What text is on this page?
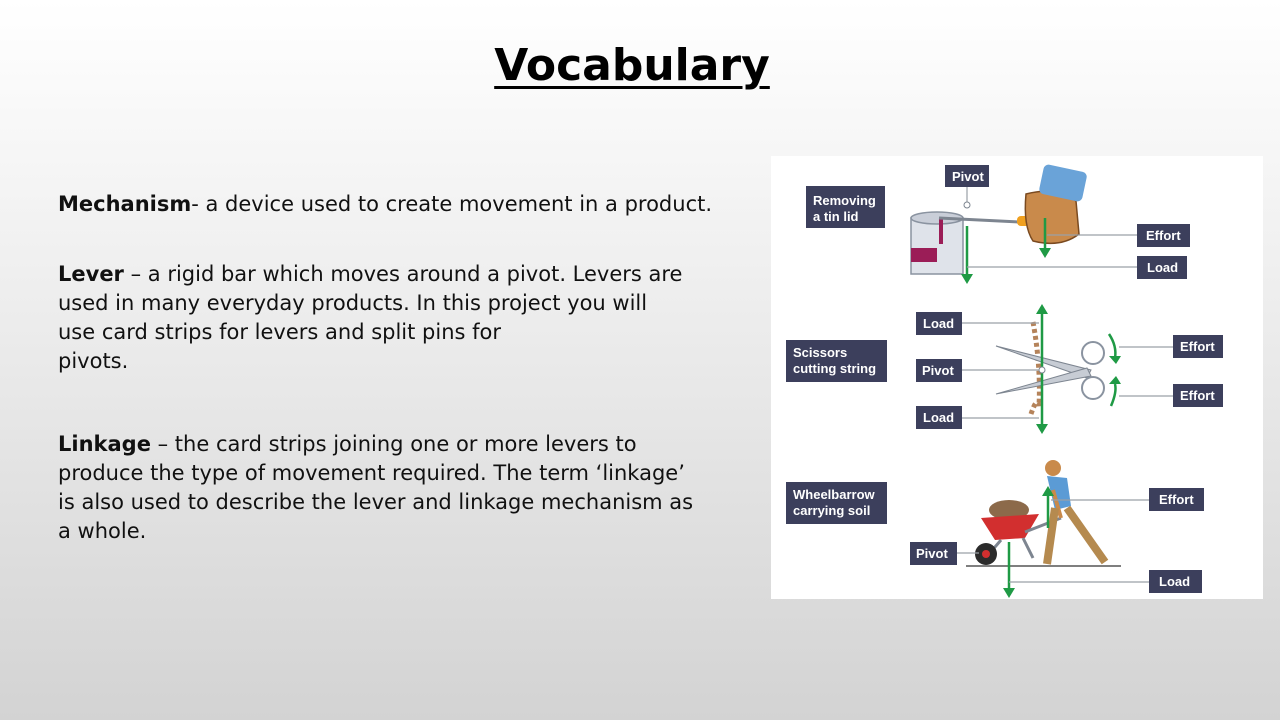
Vocabulary

Mechanism- a device used to create movement in a product.

Lever – a rigid bar which moves around a pivot. Levers are

used in many everyday products. In this project you will

use card strips for levers and split pins for

pivots.

Linkage – the card strips joining one or more levers to

produce the type of movement required. The term ‘linkage’

is also used to describe the lever and linkage mechanism as

a whole.

Removing
a tin lid
Pivot
Effort
Load
Scissors
cutting string
Load
Pivot
Load
Effort
Effort
Wheelbarrow
carrying soil
Effort
Pivot
Load
